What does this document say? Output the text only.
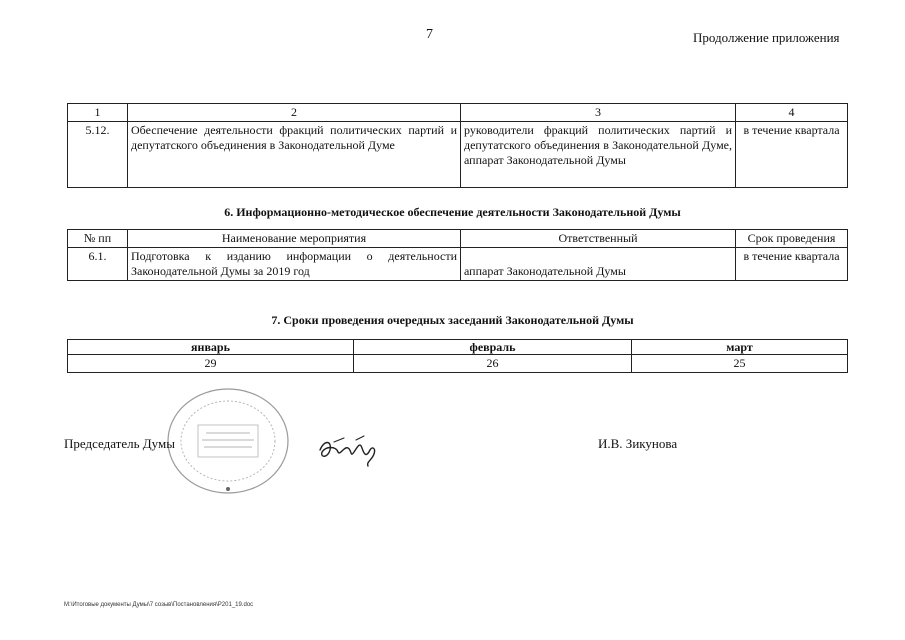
7	Продолжение приложения
1	2	3	4
5.12.	Обеспечение деятельности фракций политических партий и депутатского объединения в Законодательной Думе	руководители фракций политических партий и депутатского объединения в Законодательной Думе, аппарат Законодательной Думы	в течение квартала
6. Информационно-методическое обеспечение деятельности Законодательной Думы
№ пп	Наименование мероприятия	Ответственный	Срок проведения
6.1.	Подготовка к изданию информации о деятельности Законодательной Думы за 2019 год	аппарат Законодательной Думы	в течение квартала
7. Сроки проведения очередных заседаний Законодательной Думы
январь	февраль	март
29	26	25
Председатель Думы	И.В. Зикунова
M:\Итоговые документы Думы\7 созыв\Постановления\P201_19.doc
